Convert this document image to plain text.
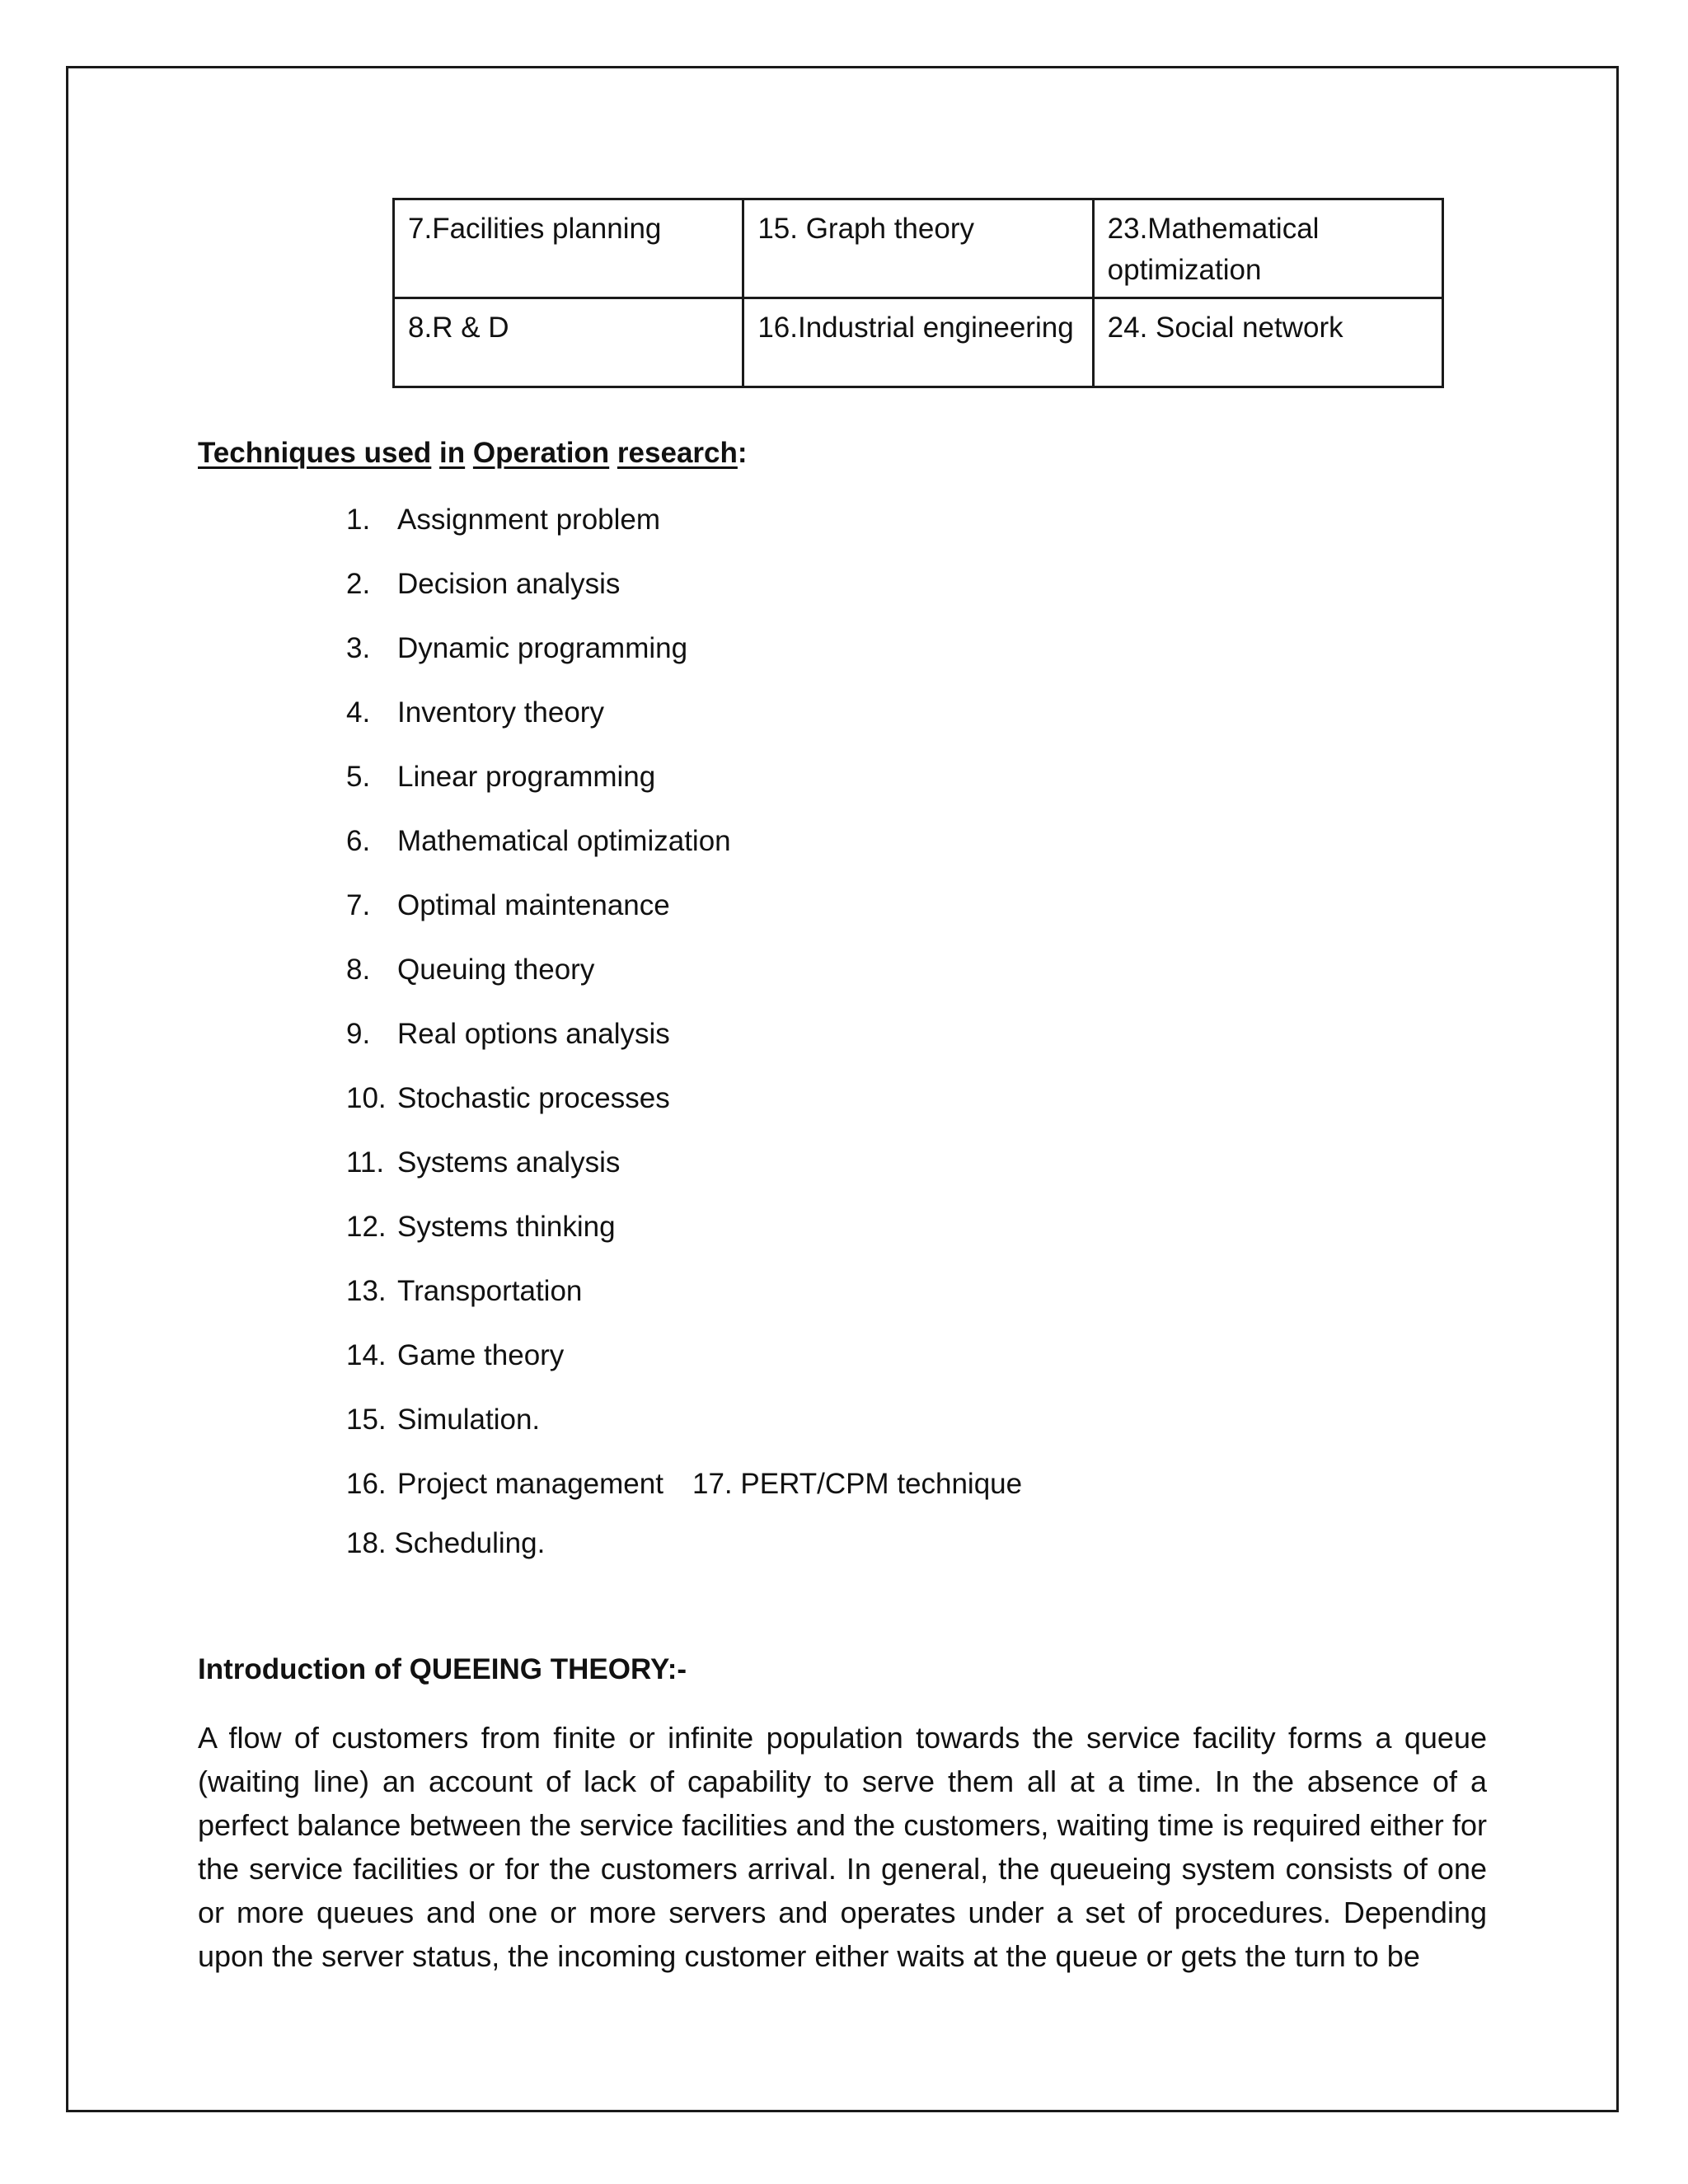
7.Facilities planning	15. Graph theory	23.Mathematical optimization
8.R & D	16.Industrial engineering	24. Social network
Techniques used in Operation research:
1. Assignment problem
2. Decision analysis
3. Dynamic programming
4. Inventory theory
5. Linear programming
6. Mathematical optimization
7. Optimal maintenance
8. Queuing theory
9. Real options analysis
10. Stochastic processes
11. Systems analysis
12. Systems thinking
13. Transportation
14. Game theory
15. Simulation.
16. Project management 17. PERT/CPM technique
18. Scheduling.
Introduction of QUEEING THEORY:-
A flow of customers from finite or infinite population towards the service facility forms a queue (waiting line) an account of lack of capability to serve them all at a time. In the absence of a perfect balance between the service facilities and the customers, waiting time is required either for the service facilities or for the customers arrival. In general, the queueing system consists of one or more queues and one or more servers and operates under a set of procedures. Depending upon the server status, the incoming customer either waits at the queue or gets the turn to be
